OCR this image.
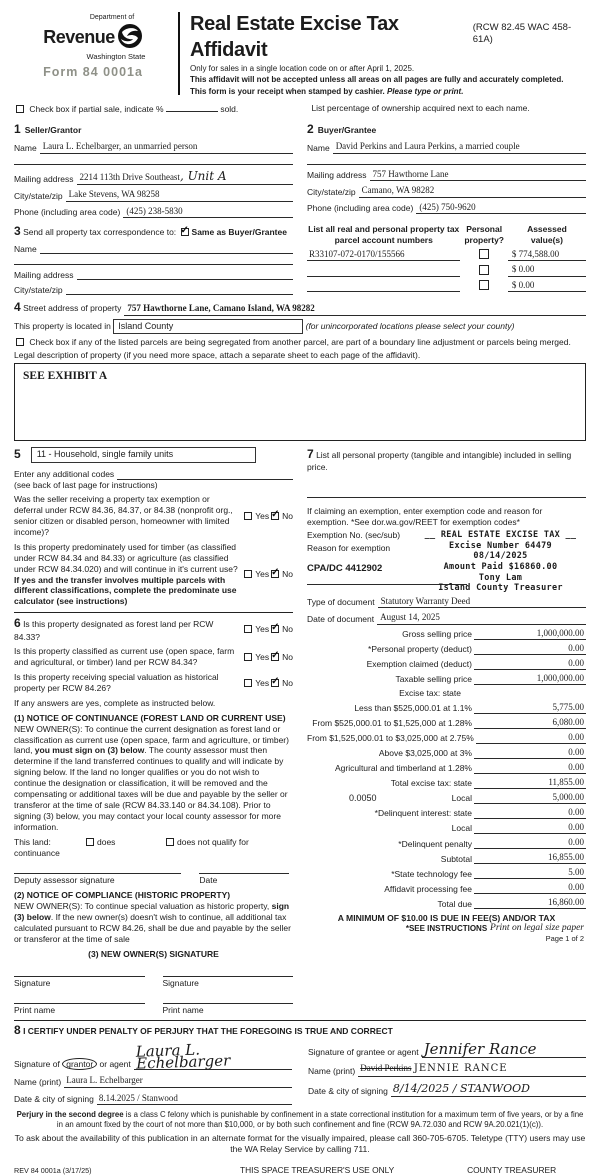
Department of
Revenue
Washington State
Form 84 0001a
Real Estate Excise Tax Affidavit
(RCW 82.45 WAC 458-61A)
Only for sales in a single location code on or after April 1, 2025.
This affidavit will not be accepted unless all areas on all pages are fully and accurately completed.
This form is your receipt when stamped by cashier. Please type or print.
Check box if partial sale, indicate %	sold.	List percentage of ownership acquired next to each name.
1 Seller/Grantor
Name Laura L. Echelbarger, an unmarried person
Mailing address 2214 113th Drive Southeast, Unit A
City/state/zip Lake Stevens, WA 98258
Phone (including area code) (425) 238-5830
2 Buyer/Grantee
Name David Perkins and Laura Perkins, a married couple
Mailing address 757 Hawthorne Lane
City/state/zip Camano, WA 98282
Phone (including area code) (425) 750-9620
3 Send all property tax correspondence to: ✓ Same as Buyer/Grantee
Name
Mailing address
City/state/zip
List all real and personal property tax
parcel account numbers
Personal
property?
Assessed
value(s)
R33107-072-0170/155566	$ 774,588.00
$ 0.00
$ 0.00
4 Street address of property 757 Hawthorne Lane, Camano Island, WA 98282
This property is located in Island County	(for unincorporated locations please select your county)
Check box if any of the listed parcels are being segregated from another parcel, are part of a boundary line adjustment or parcels being merged.
Legal description of property (if you need more space, attach a separate sheet to each page of the affidavit).
SEE EXHIBIT A
5	11 - Household, single family units
Enter any additional codes
(see back of last page for instructions)
Was the seller receiving a property tax exemption or deferral under RCW 84.36, 84.37, or 84.38 (nonprofit org., senior citizen or disabled person, homeowner with limited income)?
Yes ✓ No
Is this property predominately used for timber (as classified under RCW 84.34 and 84.33) or agriculture (as classified under RCW 84.34.020) and will continue in it's current use? If yes and the transfer involves multiple parcels with different classifications, complete the predominate use calculator (see instructions)
Yes ✓ No
6 Is this property designated as forest land per RCW 84.33?
Yes ✓ No
Is this property classified as current use (open space, farm and agricultural, or timber) land per RCW 84.34?
Yes ✓ No
Is this property receiving special valuation as historical property per RCW 84.26?
Yes ✓ No
If any answers are yes, complete as instructed below.
(1) NOTICE OF CONTINUANCE (FOREST LAND OR CURRENT USE)
NEW OWNER(S): To continue the current designation as forest land or classification as current use (open space, farm and agriculture, or timber) land, you must sign on (3) below. The county assessor must then determine if the land transferred continues to qualify and will indicate by signing below. If the land no longer qualifies or you do not wish to continue the designation or classification, it will be removed and the compensating or additional taxes will be due and payable by the seller or transferor at the time of sale (RCW 84.33.140 or 84.34.108). Prior to signing (3) below, you may contact your local county assessor for more information.
This land:
continuance
does	does not qualify for
Deputy assessor signature	Date
(2) NOTICE OF COMPLIANCE (HISTORIC PROPERTY)
NEW OWNER(S): To continue special valuation as historic property, sign (3) below. If the new owner(s) doesn't wish to continue, all additional tax calculated pursuant to RCW 84.26, shall be due and payable by the seller or transferor at the time of sale
(3) NEW OWNER(S) SIGNATURE
Signature	Signature
Print name	Print name
7 List all personal property (tangible and intangible) included in selling price.
If claiming an exemption, enter exemption code and reason for exemption. *See dor.wa.gov/REET for exemption codes*
Exemption No. (sec/sub)
Reason for exemption
CPA/DC 4412902
__ REAL ESTATE EXCISE TAX __
Excise Number 64479
08/14/2025
Amount Paid $16860.00
Tony Lam
Island County Treasurer
Type of document Statutory Warranty Deed
Date of document August 14, 2025
Gross selling price	1,000,000.00
*Personal property (deduct)	0.00
Exemption claimed (deduct)	0.00
Taxable selling price	1,000,000.00
Excise tax: state
Less than $525,000.01 at 1.1%	5,775.00
From $525,000.01 to $1,525,000 at 1.28%	6,080.00
From $1,525,000.01 to $3,025,000 at 2.75%	0.00
Above $3,025,000 at 3%	0.00
Agricultural and timberland at 1.28%	0.00
Total excise tax: state	11,855.00
0.0050	Local	5,000.00
*Delinquent interest: state	0.00
Local	0.00
*Delinquent penalty	0.00
Subtotal	16,855.00
*State technology fee	5.00
Affidavit processing fee	0.00
Total due	16,860.00
A MINIMUM OF $10.00 IS DUE IN FEE(S) AND/OR TAX
*SEE INSTRUCTIONS
8 I CERTIFY UNDER PENALTY OF PERJURY THAT THE FOREGOING IS TRUE AND CORRECT
Signature of grantor or agent
Laura L. Echelbarger
Name (print) Laura L. Echelbarger
Date & city of signing 8.14.2025 / Stanwood
Signature of grantee or agent Jennifer Rance
Name (print) David Perkins JENNIE RANCE
Date & city of signing 8/14/2025 / STANWOOD
Perjury in the second degree is a class C felony which is punishable by confinement in a state correctional institution for a maximum term of five years, or by a fine in an amount fixed by the court of not more than $10,000, or by both such confinement and fine (RCW 9A.72.030 and RCW 9A.20.021(1)(c)).
To ask about the availability of this publication in an alternate format for the visually impaired, please call 360-705-6705. Teletype (TTY) users may use the WA Relay Service by calling 711.
REV 84 0001a (3/17/25)	THIS SPACE TREASURER'S USE ONLY	COUNTY TREASURER
Print on legal size paper
Page 1 of 2
